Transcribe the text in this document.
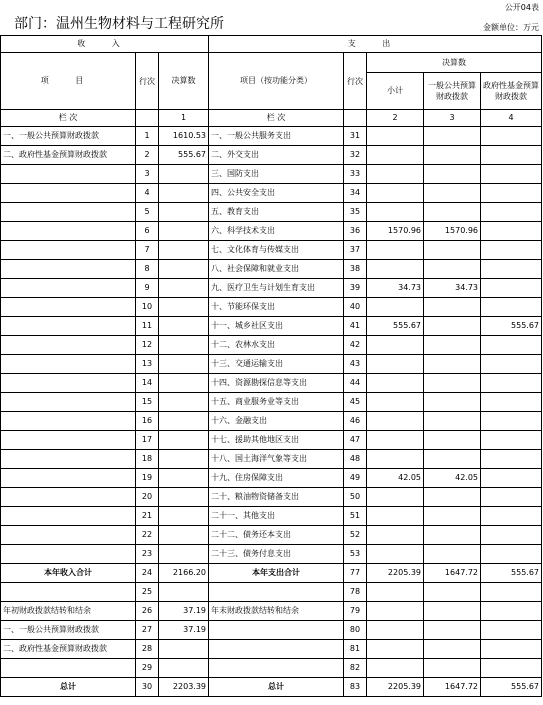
公开04表
部门：温州生物材料与工程研究所	金额单位：万元
收 入			支 出				
项 目	行次	决算数	项目（按功能分类）	行次	决算数		
					小计	一般公共预算财政拨款	政府性基金预算财政拨款
栏 次		1	栏 次		2	3	4
一、一般公共预算财政拨款	1	1610.53	一、一般公共服务支出	31			
二、政府性基金预算财政拨款	2	555.67	二、外交支出	32			
	3		三、国防支出	33			
	4		四、公共安全支出	34			
	5		五、教育支出	35			
	6		六、科学技术支出	36	1570.96	1570.96	
	7		七、文化体育与传媒支出	37			
	8		八、社会保障和就业支出	38			
	9		九、医疗卫生与计划生育支出	39	34.73	34.73	
	10		十、节能环保支出	40			
	11		十一、城乡社区支出	41	555.67		555.67
	12		十二、农林水支出	42			
	13		十三、交通运输支出	43			
	14		十四、资源勘探信息等支出	44			
	15		十五、商业服务业等支出	45			
	16		十六、金融支出	46			
	17		十七、援助其他地区支出	47			
	18		十八、国土海洋气象等支出	48			
	19		十九、住房保障支出	49	42.05	42.05	
	20		二十、粮油物资储备支出	50			
	21		二十一、其他支出	51			
	22		二十二、债务还本支出	52			
	23		二十三、债务付息支出	53			
本年收入合计	24	2166.20	本年支出合计	77	2205.39	1647.72	555.67
	25			78			
年初财政拨款结转和结余	26	37.19	年末财政拨款结转和结余	79			
一、一般公共预算财政拨款	27	37.19		80			
二、政府性基金预算财政拨款	28			81			
	29			82			
总计	30	2203.39	总计	83	2205.39	1647.72	555.67
